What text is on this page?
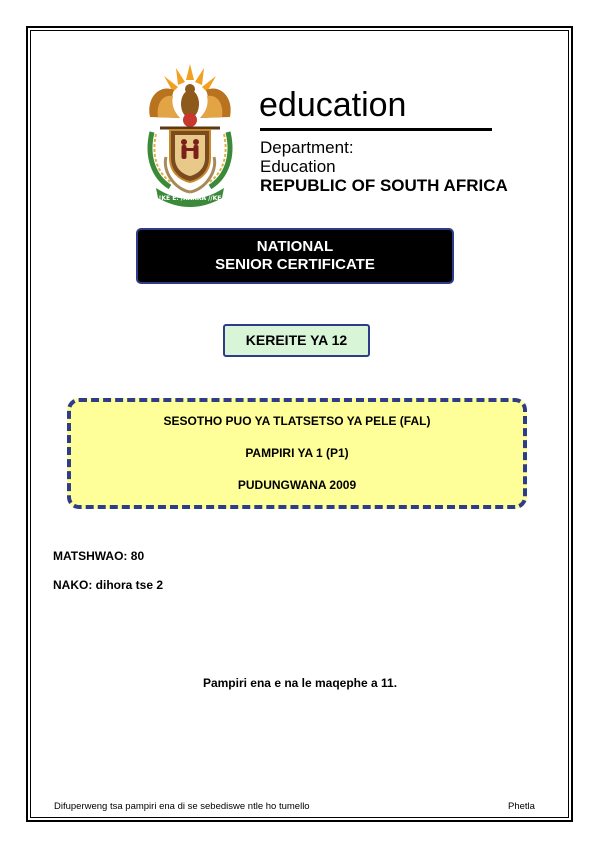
!KE E: /XARRA //KE
education
Department:
Education
REPUBLIC OF SOUTH AFRICA
NATIONAL
SENIOR CERTIFICATE
KEREITE YA 12
SESOTHO PUO YA TLATSETSO YA PELE (FAL)
PAMPIRI YA 1 (P1)
PUDUNGWANA 2009
MATSHWAO: 80
NAKO: dihora tse 2
Pampiri ena e na le maqephe a 11.
Difuperweng tsa pampiri ena di se sebediswe ntle ho tumello	Phetla
